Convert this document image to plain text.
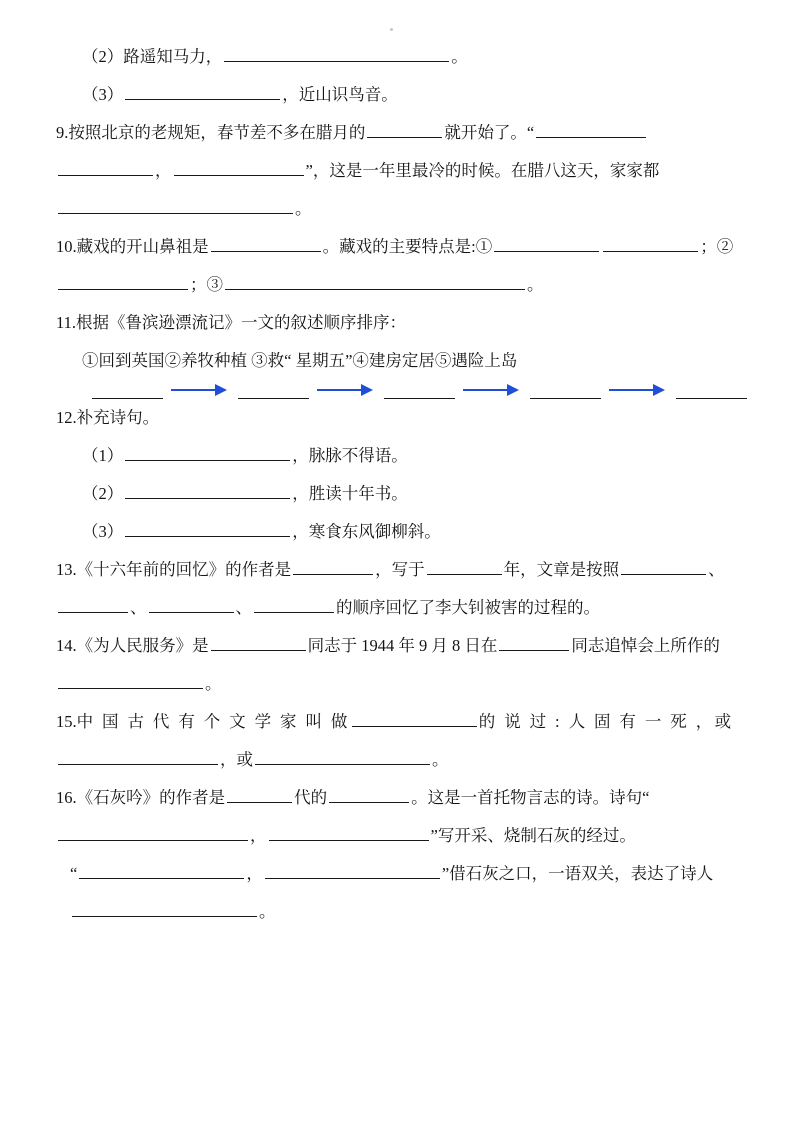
（2）路遥知马力，	。
（3）	，近山识鸟音。
9.按照北京的老规矩，春节差不多在腊月的	就开始了。“，	”，这是一年里最冷的时候。在腊八这天，家家都。
10.藏戏的开山鼻祖是	。藏戏的主要特点是:①	；②；③	。
11.根据《鲁滨逊漂流记》一文的叙述顺序排序：
①回到英国②养牧种植 ③救“ 星期五”④建房定居⑤遇险上岛
12.补充诗句。
（1）	，脉脉不得语。
（2）	，胜读十年书。
（3）	，寒食东风御柳斜。
13.《十六年前的回忆》的作者是	，写于	年，文章是按照	、、	、	的顺序回忆了李大钊被害的过程的。
14.《为人民服务》是	同志于 1944 年 9 月 8 日在	同志追悼会上所作的。
15.中 国 古 代 有 个 文 学 家 叫 做	的 说 过 : 人 固 有 一 死 ，或，或	。
16.《石灰吟》的作者是	代的	。这是一首托物言志的诗。诗句“，	”写开采、烧制石灰的经过。
“	，	”借石灰之口，一语双关，表达了诗人。
